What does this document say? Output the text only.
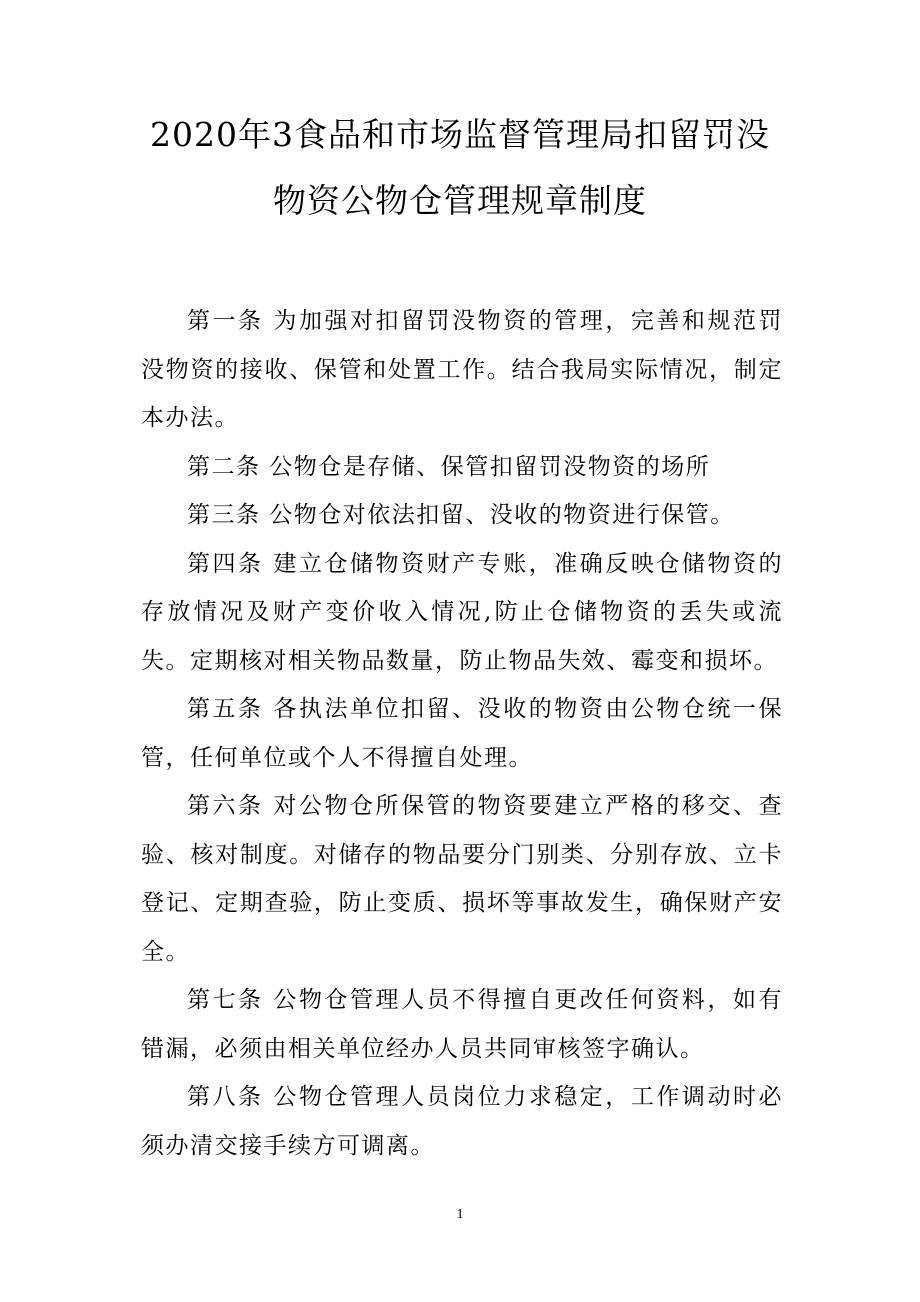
2020年3食品和市场监督管理局扣留罚没
物资公物仓管理规章制度

第一条 为加强对扣留罚没物资的管理，完善和规范罚没物资的接收、保管和处置工作。结合我局实际情况，制定本办法。

第二条 公物仓是存储、保管扣留罚没物资的场所

第三条 公物仓对依法扣留、没收的物资进行保管。

第四条 建立仓储物资财产专账，准确反映仓储物资的存放情况及财产变价收入情况,防止仓储物资的丢失或流失。定期核对相关物品数量，防止物品失效、霉变和损坏。

第五条 各执法单位扣留、没收的物资由公物仓统一保管，任何单位或个人不得擅自处理。

第六条 对公物仓所保管的物资要建立严格的移交、查验、核对制度。对储存的物品要分门别类、分别存放、立卡登记、定期查验，防止变质、损坏等事故发生，确保财产安全。

第七条 公物仓管理人员不得擅自更改任何资料，如有错漏，必须由相关单位经办人员共同审核签字确认。

第八条 公物仓管理人员岗位力求稳定，工作调动时必须办清交接手续方可调离。

1
